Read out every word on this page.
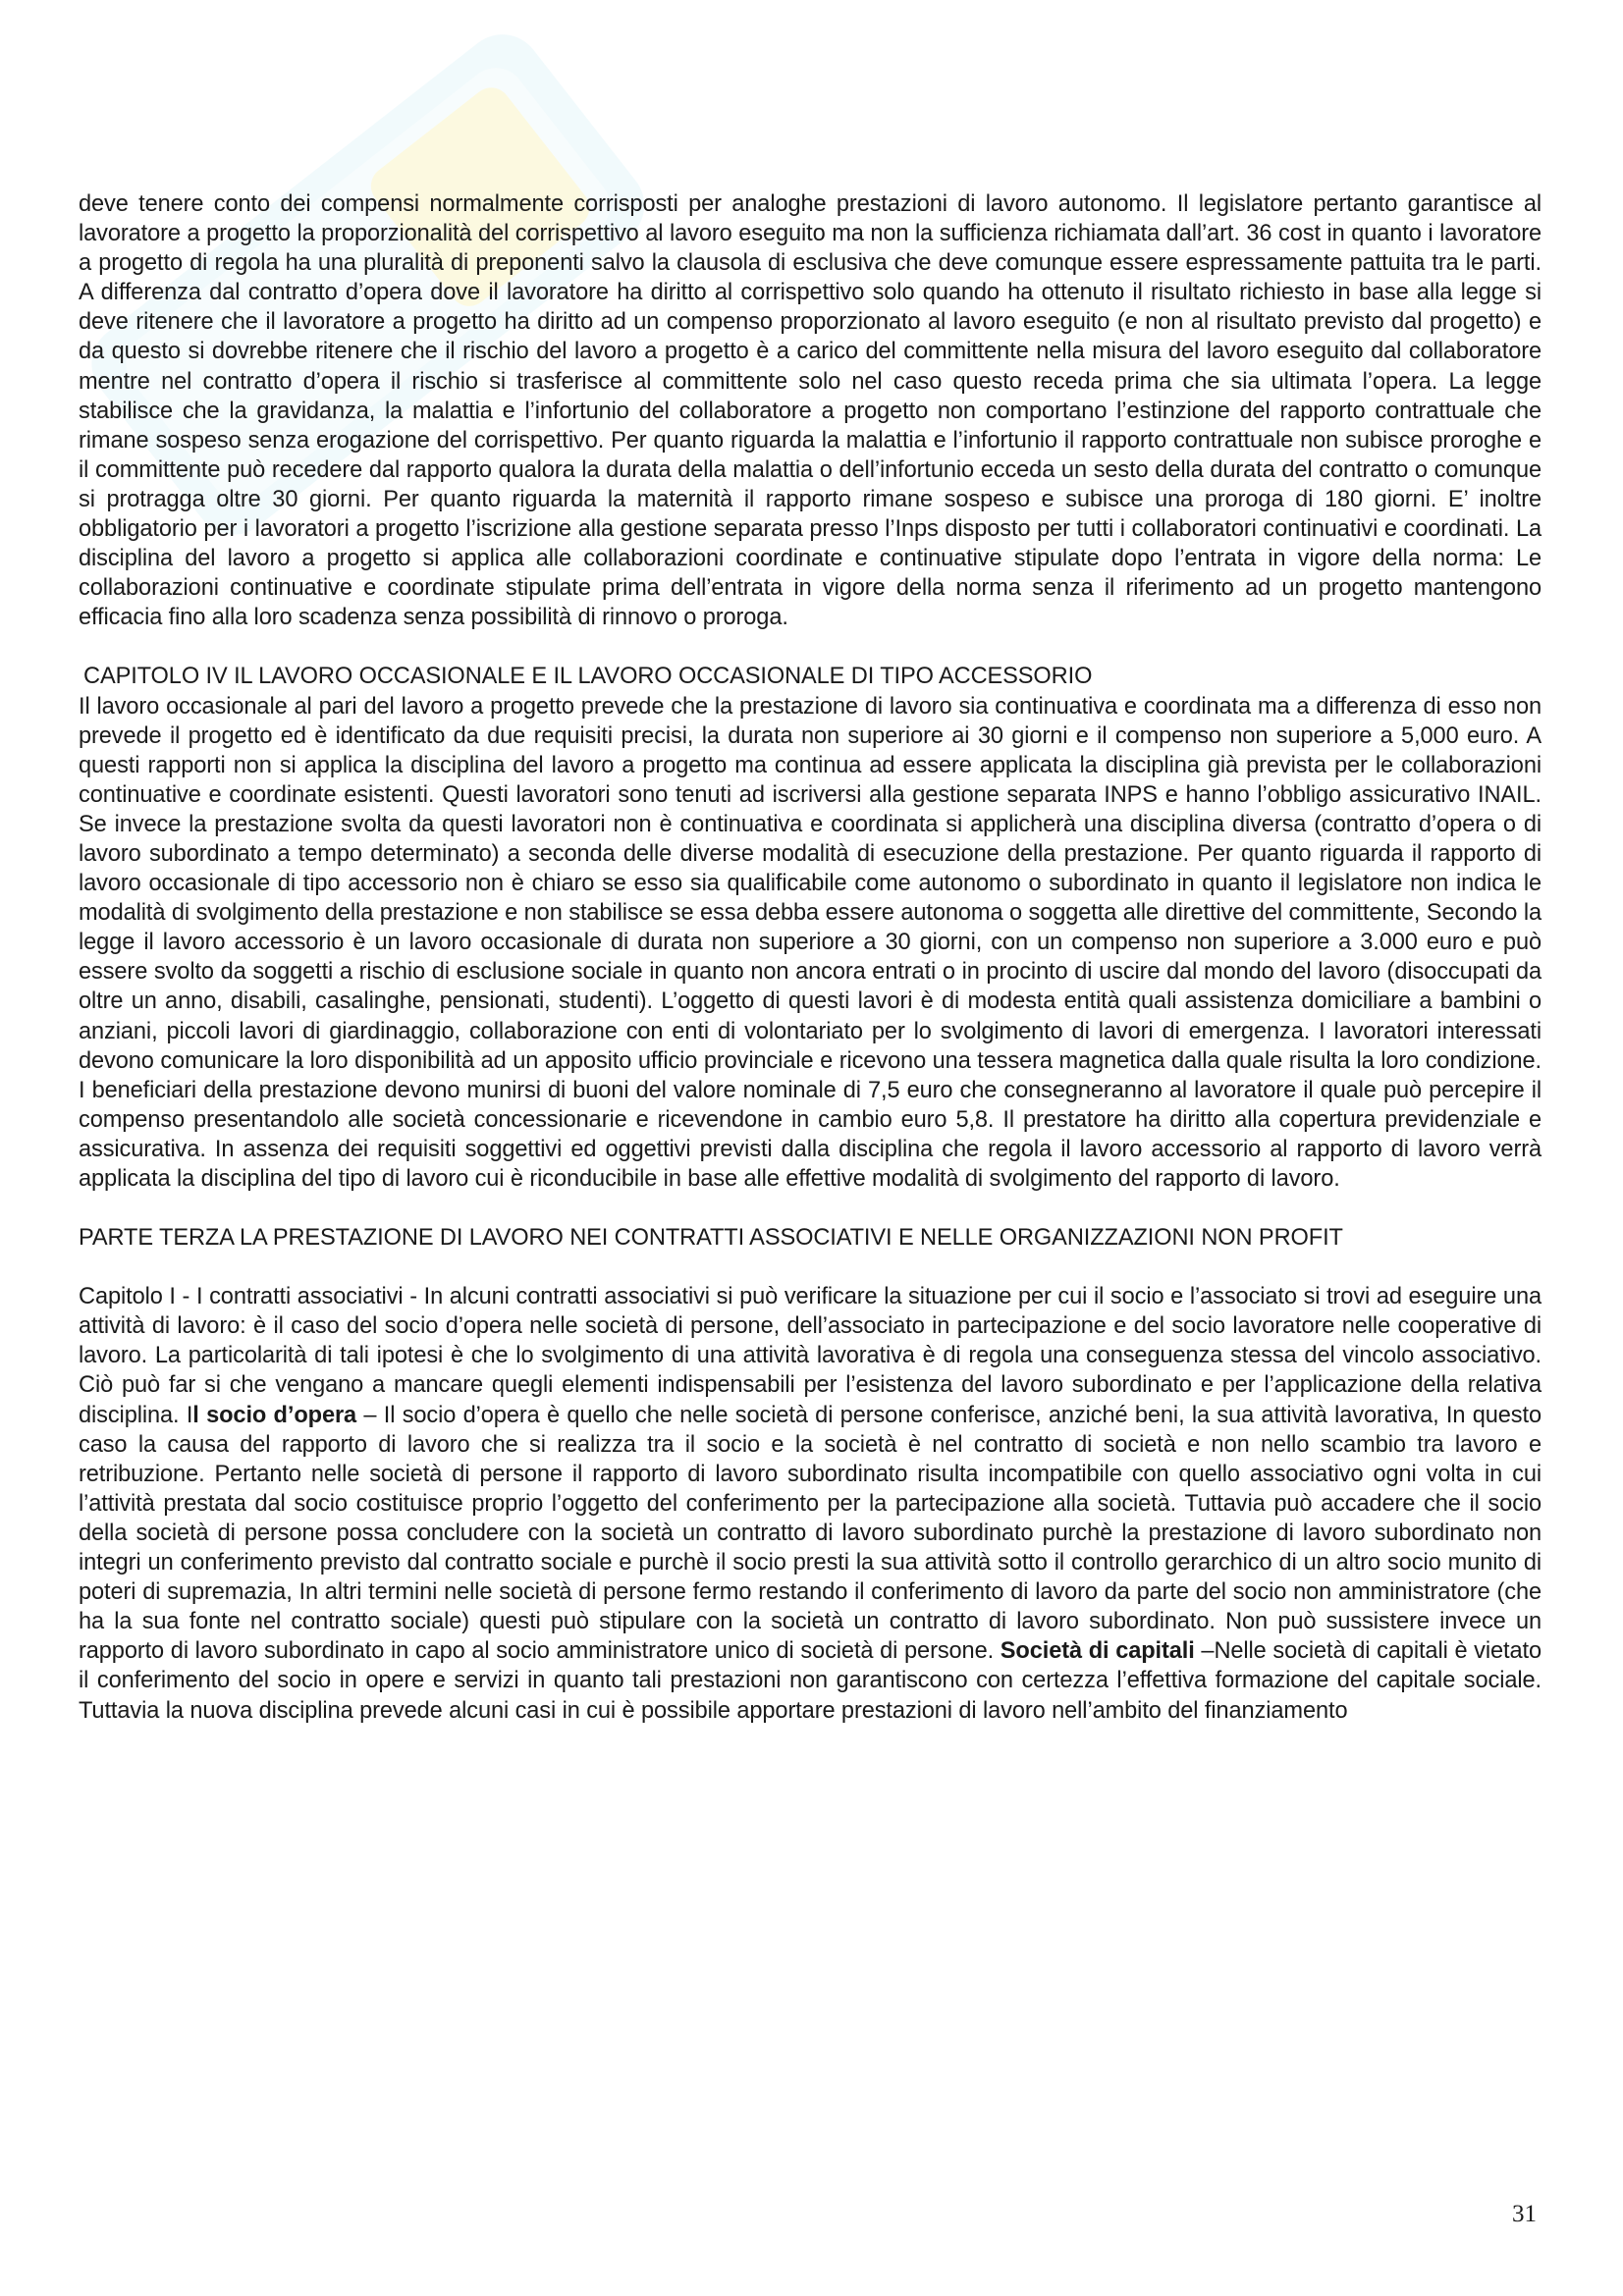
deve tenere conto dei compensi normalmente corrisposti per analoghe prestazioni di lavoro autonomo. Il legislatore pertanto garantisce al lavoratore a progetto la proporzionalità del corrispettivo al lavoro eseguito ma non la sufficienza richiamata dall’art. 36 cost in quanto i lavoratore a progetto di regola ha una pluralità di preponenti salvo la clausola di esclusiva che deve comunque essere espressamente pattuita tra le parti. A differenza dal contratto d’opera dove il lavoratore ha diritto al corrispettivo solo quando ha ottenuto il risultato richiesto in base alla legge si deve ritenere che il lavoratore a progetto ha diritto ad un compenso proporzionato al lavoro eseguito (e non al risultato previsto dal progetto) e da questo si dovrebbe ritenere che il rischio del lavoro a progetto è a carico del committente nella misura del lavoro eseguito dal collaboratore mentre nel contratto d’opera il rischio si trasferisce al committente solo nel caso questo receda prima che sia ultimata l’opera. La legge stabilisce che la gravidanza, la malattia e l’infortunio del collaboratore a progetto non comportano l’estinzione del rapporto contrattuale che rimane sospeso senza erogazione del corrispettivo. Per quanto riguarda la malattia e l’infortunio il rapporto contrattuale non subisce proroghe e il committente può recedere dal rapporto qualora la durata della malattia o dell’infortunio ecceda un sesto della durata del contratto o comunque si protragga oltre 30 giorni. Per quanto riguarda la maternità il rapporto rimane sospeso e subisce una proroga di 180 giorni. E’ inoltre obbligatorio per i lavoratori a progetto l’iscrizione alla gestione separata presso l’Inps disposto per tutti i collaboratori continuativi e coordinati. La disciplina del lavoro a progetto si applica alle collaborazioni coordinate e continuative stipulate dopo l’entrata in vigore della norma: Le collaborazioni continuative e coordinate stipulate prima dell’entrata in vigore della norma senza il riferimento ad un progetto mantengono efficacia fino alla loro scadenza senza possibilità di rinnovo o proroga.

CAPITOLO IV IL LAVORO OCCASIONALE E IL LAVORO OCCASIONALE DI TIPO ACCESSORIO

Il lavoro occasionale al pari del lavoro a progetto prevede che la prestazione di lavoro sia continuativa e coordinata ma a differenza di esso non prevede il progetto ed è identificato da due requisiti precisi, la durata non superiore ai 30 giorni e il compenso non superiore a 5,000 euro. A questi rapporti non si applica la disciplina del lavoro a progetto ma continua ad essere applicata la disciplina già prevista per le collaborazioni continuative e coordinate esistenti. Questi lavoratori sono tenuti ad iscriversi alla gestione separata INPS e hanno l’obbligo assicurativo INAIL. Se invece la prestazione svolta da questi lavoratori non è continuativa e coordinata si applicherà una disciplina diversa (contratto d’opera o di lavoro subordinato a tempo determinato) a seconda delle diverse modalità di esecuzione della prestazione. Per quanto riguarda il rapporto di lavoro occasionale di tipo accessorio non è chiaro se esso sia qualificabile come autonomo o subordinato in quanto il legislatore non indica le modalità di svolgimento della prestazione e non stabilisce se essa debba essere autonoma o soggetta alle direttive del committente, Secondo la legge il lavoro accessorio è un lavoro occasionale di durata non superiore a 30 giorni, con un compenso non superiore a 3.000 euro e può essere svolto da soggetti a rischio di esclusione sociale in quanto non ancora entrati o in procinto di uscire dal mondo del lavoro (disoccupati da oltre un anno, disabili, casalinghe, pensionati, studenti). L’oggetto di questi lavori è di modesta entità quali assistenza domiciliare a bambini o anziani, piccoli lavori di giardinaggio, collaborazione con enti di volontariato per lo svolgimento di lavori di emergenza. I lavoratori interessati devono comunicare la loro disponibilità ad un apposito ufficio provinciale e ricevono una tessera magnetica dalla quale risulta la loro condizione. I beneficiari della prestazione devono munirsi di buoni del valore nominale di 7,5 euro che consegneranno al lavoratore il quale può percepire il compenso presentandolo alle società concessionarie e ricevendone in cambio euro 5,8. Il prestatore ha diritto alla copertura previdenziale e assicurativa. In assenza dei requisiti soggettivi ed oggettivi previsti dalla disciplina che regola il lavoro accessorio al rapporto di lavoro verrà applicata la disciplina del tipo di lavoro cui è riconducibile in base alle effettive modalità di svolgimento del rapporto di lavoro.

PARTE TERZA LA PRESTAZIONE DI LAVORO NEI CONTRATTI ASSOCIATIVI E NELLE ORGANIZZAZIONI NON PROFIT

Capitolo I - I contratti associativi - In alcuni contratti associativi si può verificare la situazione per cui il socio e l’associato si trovi ad eseguire una attività di lavoro: è il caso del socio d’opera nelle società di persone, dell’associato in partecipazione e del socio lavoratore nelle cooperative di lavoro. La particolarità di tali ipotesi è che lo svolgimento di una attività lavorativa è di regola una conseguenza stessa del vincolo associativo. Ciò può far si che vengano a mancare quegli elementi indispensabili per l’esistenza del lavoro subordinato e per l’applicazione della relativa disciplina. Il socio d’opera – Il socio d’opera è quello che nelle società di persone conferisce, anziché beni, la sua attività lavorativa, In questo caso la causa del rapporto di lavoro che si realizza tra il socio e la società è nel contratto di società e non nello scambio tra lavoro e retribuzione. Pertanto nelle società di persone il rapporto di lavoro subordinato risulta incompatibile con quello associativo ogni volta in cui l’attività prestata dal socio costituisce proprio l’oggetto del conferimento per la partecipazione alla società. Tuttavia può accadere che il socio della società di persone possa concludere con la società un contratto di lavoro subordinato purchè la prestazione di lavoro subordinato non integri un conferimento previsto dal contratto sociale e purchè il socio presti la sua attività sotto il controllo gerarchico di un altro socio munito di poteri di supremazia, In altri termini nelle società di persone fermo restando il conferimento di lavoro da parte del socio non amministratore (che ha la sua fonte nel contratto sociale) questi può stipulare con la società un contratto di lavoro subordinato. Non può sussistere invece un rapporto di lavoro subordinato in capo al socio amministratore unico di società di persone. Società di capitali –Nelle società di capitali è vietato il conferimento del socio in opere e servizi in quanto tali prestazioni non garantiscono con certezza l’effettiva formazione del capitale sociale. Tuttavia la nuova disciplina prevede alcuni casi in cui è possibile apportare prestazioni di lavoro nell’ambito del finanziamento

31
